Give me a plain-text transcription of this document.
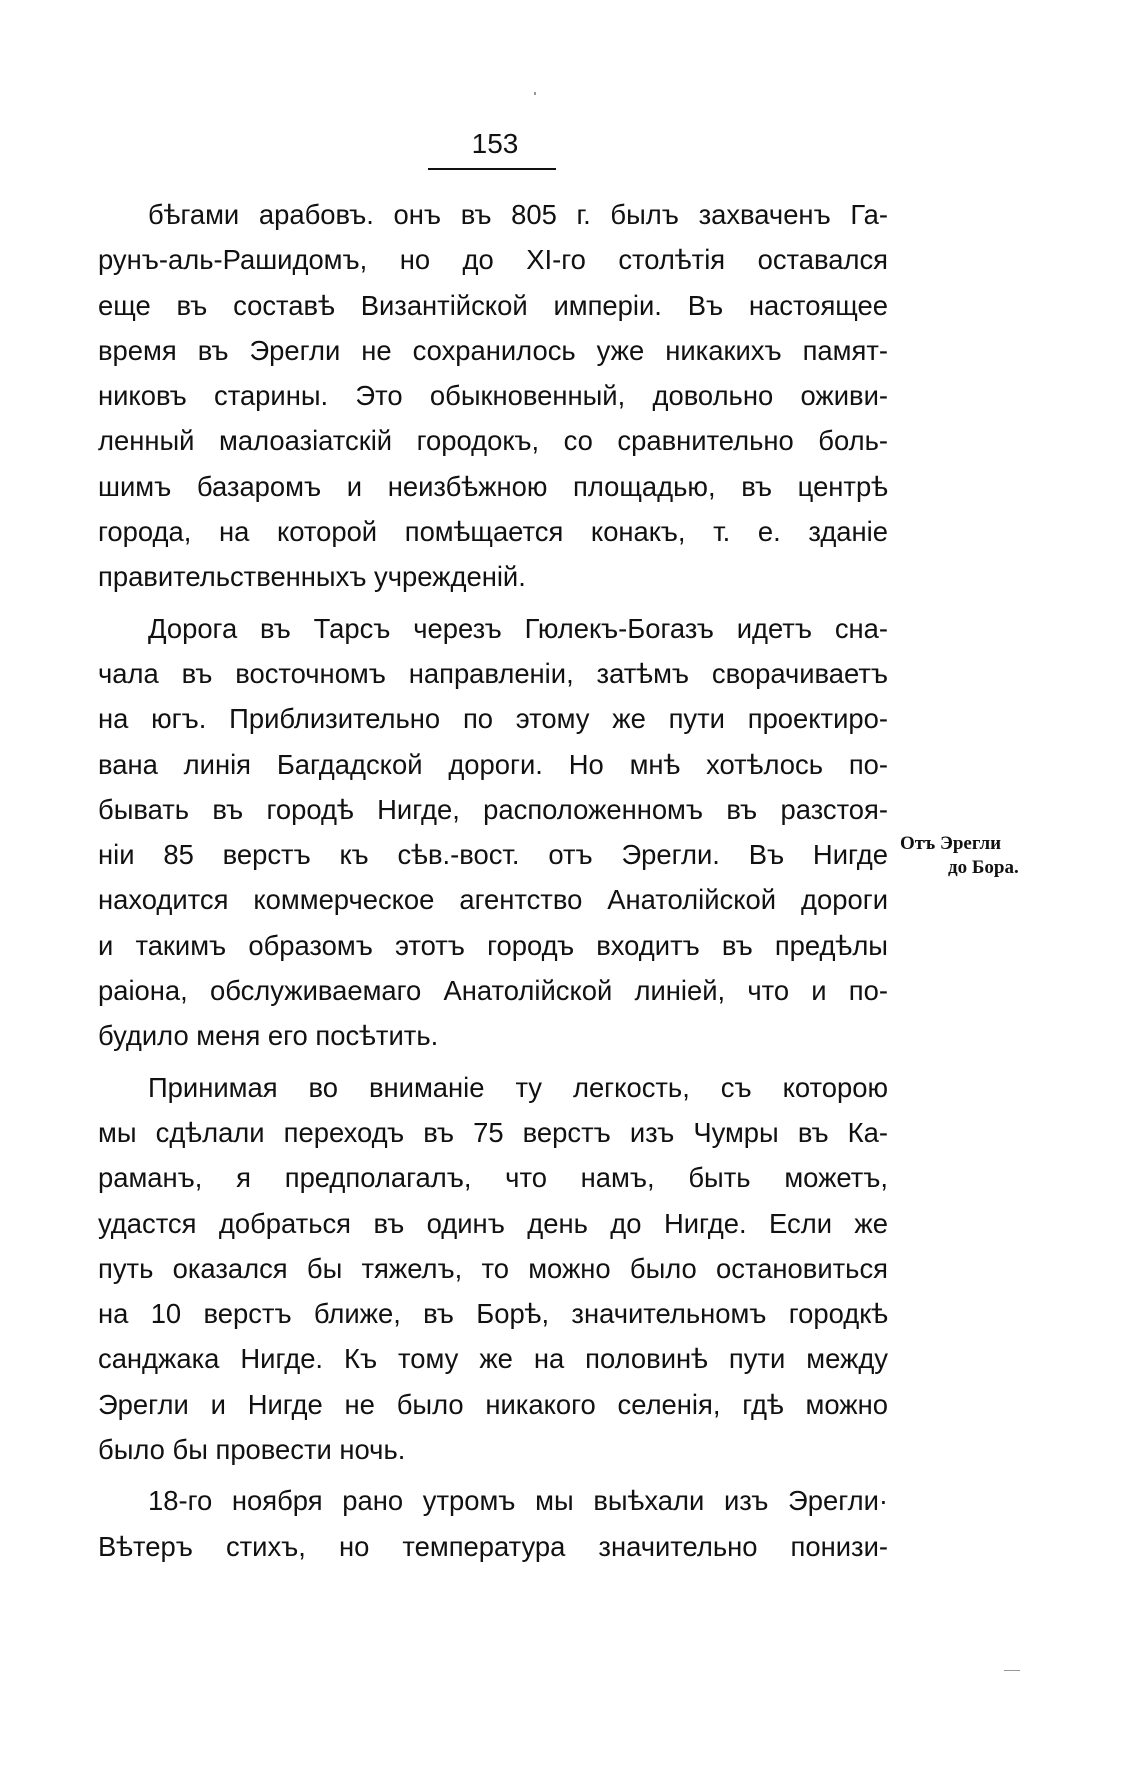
153
бѣгами арабовъ. онъ въ 805 г. былъ захваченъ Га-
рунъ-аль-Рашидомъ, но до XI-го столѣтія оставался
еще въ составѣ Византійской имперіи. Въ настоящее
время въ Эрегли не сохранилось уже никакихъ памят-
никовъ старины. Это обыкновенный, довольно оживи-
ленный малоазіатскій городокъ, со сравнительно боль-
шимъ базаромъ и неизбѣжною площадью, въ центрѣ
города, на которой помѣщается конакъ, т. е. зданіе
правительственныхъ учрежденій.
Дорога въ Тарсъ черезъ Гюлекъ-Богазъ идетъ сна-
чала въ восточномъ направленіи, затѣмъ сворачиваетъ
на югъ. Приблизительно по этому же пути проектиро-
вана линія Багдадской дороги. Но мнѣ хотѣлось по-
бывать въ городѣ Нигде, расположенномъ въ разстоя-
ніи 85 верстъ къ сѣв.-вост. отъ Эрегли. Въ Нигде
находится коммерческое агентство Анатолійской дороги
и такимъ образомъ этотъ городъ входитъ въ предѣлы
раіона, обслуживаемаго Анатолійской линіей, что и по-
будило меня его посѣтить.
Принимая во вниманіе ту легкость, съ которою
мы сдѣлали переходъ въ 75 верстъ изъ Чумры въ Ка-
раманъ, я предполагалъ, что намъ, быть можетъ,
удастся добраться въ одинъ день до Нигде. Если же
путь оказался бы тяжелъ, то можно было остановиться
на 10 верстъ ближе, въ Борѣ, значительномъ городкѣ
санджака Нигде. Къ тому же на половинѣ пути между
Эрегли и Нигде не было никакого селенія, гдѣ можно
было бы провести ночь.
18-го ноября рано утромъ мы выѣхали изъ Эрегли·
Вѣтеръ стихъ, но температура значительно понизи-
Отъ Эрегли
до Бора.
